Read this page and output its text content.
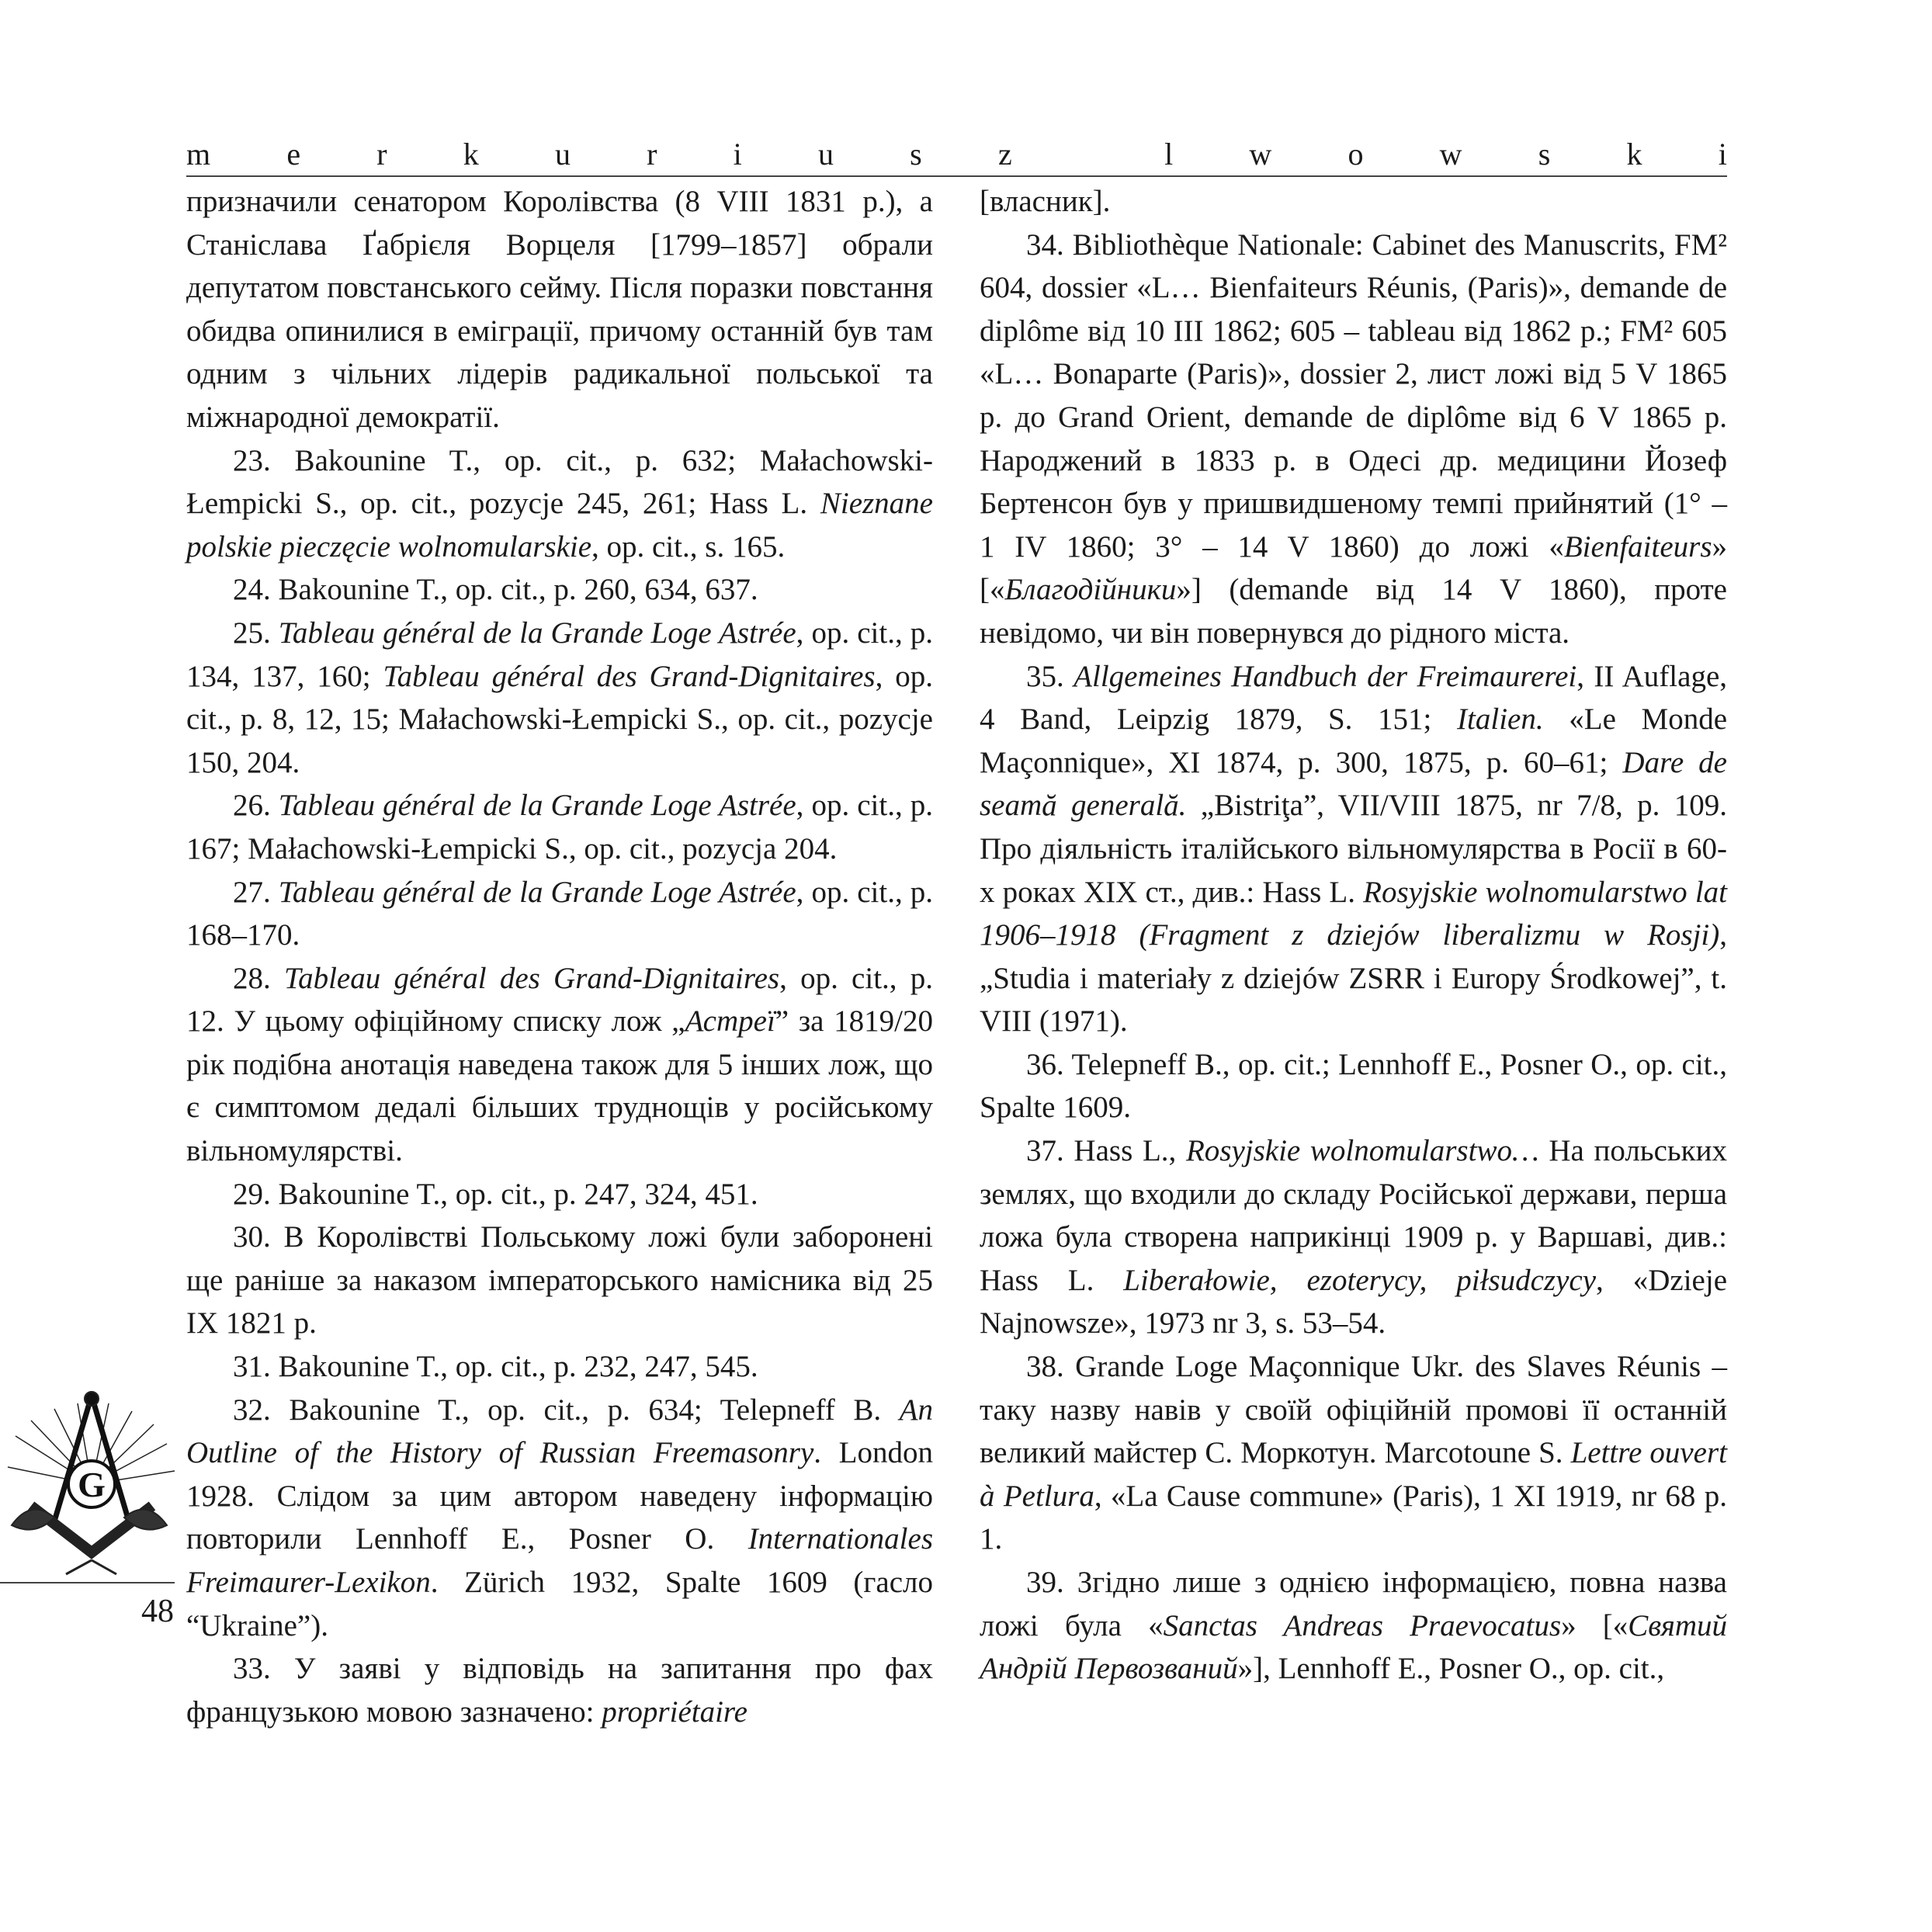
m e r k u r i u s z	l w o w s k i

призначили сенатором Королівства (8 VIII 1831 р.), а Станіслава Ґабрієля Ворцеля [1799–1857] обрали депутатом повстанського сейму. Після поразки повстання обидва опинилися в еміграції, причому останній був там одним з чільних лідерів радикальної польської та міжнародної демократії.

23. Bakounine T., op. cit., p. 632; Małachowski-Łempicki S., op. cit., pozycje 245, 261; Hass L. Nieznane polskie pieczęcie wolnomularskie, op. cit., s. 165.

24. Bakounine T., op. cit., p. 260, 634, 637.

25. Tableau général de la Grande Loge Astrée, op. cit., p. 134, 137, 160; Tableau général des Grand-Dignitaires, op. cit., p. 8, 12, 15; Małachowski-Łempicki S., op. cit., pozycje 150, 204.

26. Tableau général de la Grande Loge Astrée, op. cit., p. 167; Małachowski-Łempicki S., op. cit., pozycja 204.

27. Tableau général de la Grande Loge Astrée, op. cit., p. 168–170.

28. Tableau général des Grand-Dignitaires, op. cit., p. 12. У цьому офіційному списку лож „Астреї” за 1819/20 рік подібна анотація наведена також для 5 інших лож, що є симптомом дедалі більших труднощів у російському вільномулярстві.

29. Bakounine T., op. cit., p. 247, 324, 451.

30. В Королівстві Польському ложі були заборонені ще раніше за наказом імператорського намісника від 25 IX 1821 р.

31. Bakounine T., op. cit., p. 232, 247, 545.

32. Bakounine T., op. cit., p. 634; Telepneff B. An Outline of the History of Russian Freemasonry. London 1928. Слідом за цим автором наведену інформацію повторили Lennhoff E., Posner O. Internationales Freimaurer-Lexikon. Zürich 1932, Spalte 1609 (гасло “Ukraine”).

33. У заяві у відповідь на запитання про фах французькою мовою зазначено: propriétaire

[власник].

34. Bibliothèque Nationale: Cabinet des Manuscrits, FM² 604, dossier «L… Bienfaiteurs Réunis, (Paris)», demande de diplôme від 10 III 1862; 605 – tableau від 1862 р.; FM² 605 «L… Bonaparte (Paris)», dossier 2, лист ложі від 5 V 1865 р. до Grand Orient, demande de diplôme від 6 V 1865 р. Народжений в 1833 р. в Одесі др. медицини Йозеф Бертенсон був у пришвидшеному темпі прийнятий (1° – 1 IV 1860; 3° – 14 V 1860) до ложі «Bienfaiteurs» [«Благодійники»] (demande від 14 V 1860), проте невідомо, чи він повернувся до рідного міста.

35. Allgemeines Handbuch der Freimaurerei, II Auflage, 4 Band, Leipzig 1879, S. 151; Italien. «Le Monde Maçonnique», XI 1874, p. 300, 1875, p. 60–61; Dare de seamă generală. „Bistriţa”, VII/VIII 1875, nr 7/8, p. 109. Про діяльність італійського вільномулярства в Росії в 60-х роках XIX ст., див.: Hass L. Rosyjskie wolnomularstwo lat 1906–1918 (Fragment z dziejów liberalizmu w Rosji), „Studia i materiały z dziejów ZSRR i Europy Środkowej”, t. VIII (1971).

36. Telepneff B., op. cit.; Lennhoff E., Posner O., op. cit., Spalte 1609.

37. Hass L., Rosyjskie wolnomularstwo… На польських землях, що входили до складу Російської держави, перша ложа була створена наприкінці 1909 р. у Варшаві, див.: Hass L. Liberałowie, ezoterycy, piłsudczycy, «Dzieje Najnowsze», 1973 nr 3, s. 53–54.

38. Grande Loge Maçonnique Ukr. des Slaves Réunis – таку назву навів у своїй офіційній промові її останній великий майстер С. Моркотун. Marcotoune S. Lettre ouvert à Petlura, «La Cause commune» (Paris), 1 XI 1919, nr 68 p. 1.

39. Згідно лише з однією інформацією, повна назва ложі була «Sanctas Andreas Praevocatus» [«Святий Андрій Первозваний»], Lennhoff E., Posner O., op. cit.,

G
48
